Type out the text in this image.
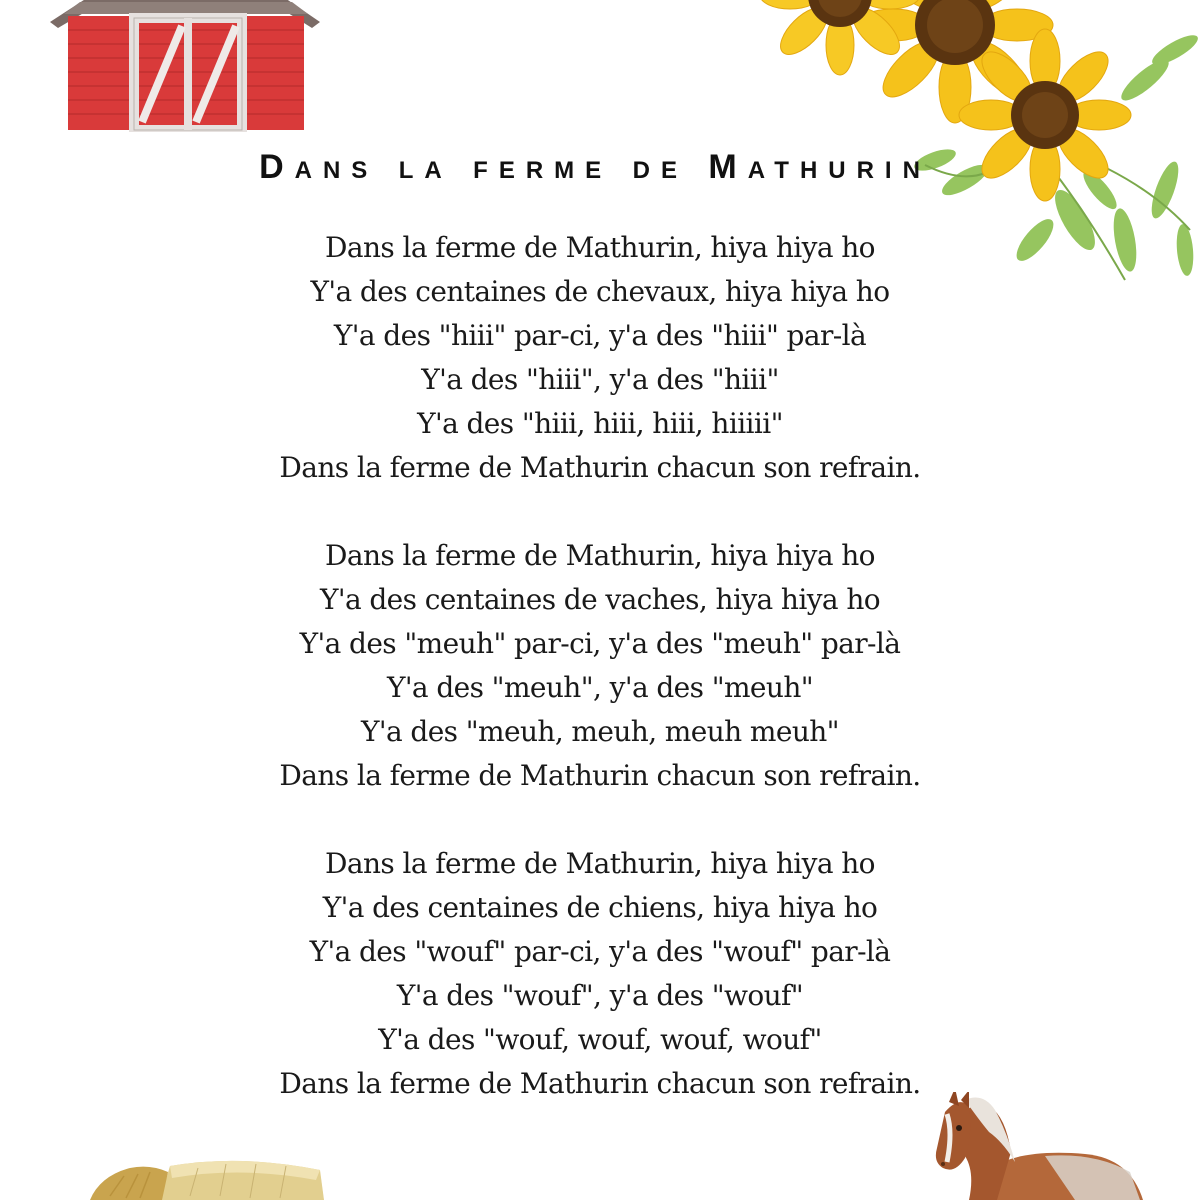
Dans la ferme de Mathurin
Dans la ferme de Mathurin, hiya hiya ho
Y'a des centaines de chevaux, hiya hiya ho
Y'a des "hiii" par-ci, y'a des "hiii" par-là
Y'a des "hiii", y'a des "hiii"
Y'a des "hiii, hiii, hiii, hiiiii"
Dans la ferme de Mathurin chacun son refrain.
Dans la ferme de Mathurin, hiya hiya ho
Y'a des centaines de vaches, hiya hiya ho
Y'a des "meuh" par-ci, y'a des "meuh" par-là
Y'a des "meuh", y'a des "meuh"
Y'a des "meuh, meuh, meuh meuh"
Dans la ferme de Mathurin chacun son refrain.
Dans la ferme de Mathurin, hiya hiya ho
Y'a des centaines de chiens, hiya hiya ho
Y'a des "wouf" par-ci, y'a des "wouf" par-là
Y'a des "wouf", y'a des "wouf"
Y'a des "wouf, wouf, wouf, wouf"
Dans la ferme de Mathurin chacun son refrain.
